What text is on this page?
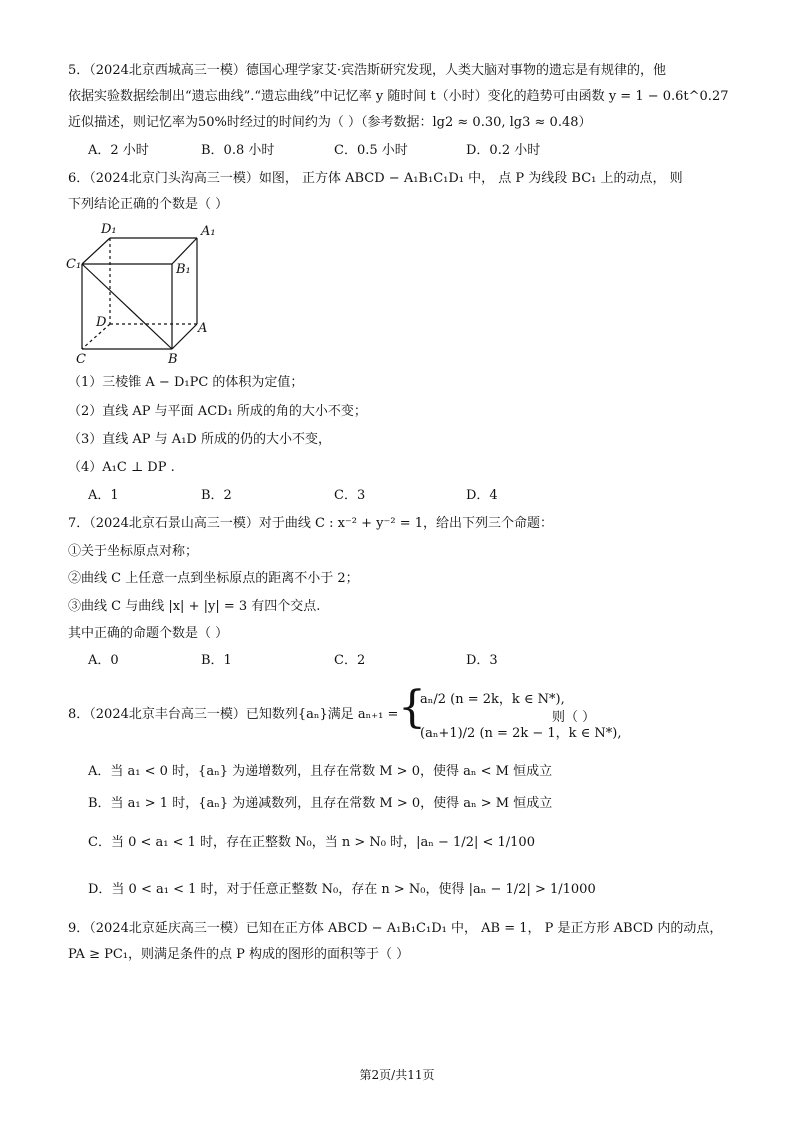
5．（2024北京西城高三一模）德国心理学家艾·宾浩斯研究发现，人类大脑对事物的遗忘是有规律的，他
依据实验数据绘制出“遗忘曲线”.“遗忘曲线”中记忆率 y 随时间 t（小时）变化的趋势可由函数 y = 1 − 0.6t^0.27
近似描述，则记忆率为50%时经过的时间约为（ ）（参考数据：lg2 ≈ 0.30, lg3 ≈ 0.48）
A．2 小时	B．0.8 小时	C．0.5 小时	D．0.2 小时
6．（2024北京门头沟高三一模）如图， 正方体 ABCD − A₁B₁C₁D₁ 中， 点 P 为线段 BC₁ 上的动点， 则
下列结论正确的个数是（ ）
D₁	A₁
C₁	B₁
D	A
C	B
（1）三棱锥 A − D₁PC 的体积为定值；
（2）直线 AP 与平面 ACD₁ 所成的角的大小不变；
（3）直线 AP 与 A₁D 所成的仍的大小不变，
（4）A₁C ⊥ DP .
A．1	B．2	C．3	D．4
7．（2024北京石景山高三一模）对于曲线 C : x⁻² + y⁻² = 1，给出下列三个命题：
①关于坐标原点对称；
②曲线 C 上任意一点到坐标原点的距离不小于 2；
③曲线 C 与曲线 |x| + |y| = 3 有四个交点.
其中正确的命题个数是（ ）
A．0	B．1	C．2	D．3
8．（2024北京丰台高三一模）已知数列{aₙ}满足 aₙ₊₁ = {
aₙ/2 (n = 2k，k ∈ N*),
(aₙ+1)/2 (n = 2k − 1，k ∈ N*),
则（ ）
A．当 a₁ < 0 时，{aₙ} 为递增数列，且存在常数 M > 0，使得 aₙ < M 恒成立
B．当 a₁ > 1 时，{aₙ} 为递减数列，且存在常数 M > 0，使得 aₙ > M 恒成立
C．当 0 < a₁ < 1 时，存在正整数 N₀，当 n > N₀ 时，|aₙ − 1/2| < 1/100
D．当 0 < a₁ < 1 时，对于任意正整数 N₀，存在 n > N₀，使得 |aₙ − 1/2| > 1/1000
9．（2024北京延庆高三一模）已知在正方体 ABCD − A₁B₁C₁D₁ 中， AB = 1， P 是正方形 ABCD 内的动点，
PA ≥ PC₁，则满足条件的点 P 构成的图形的面积等于（ ）
第2页/共11页
